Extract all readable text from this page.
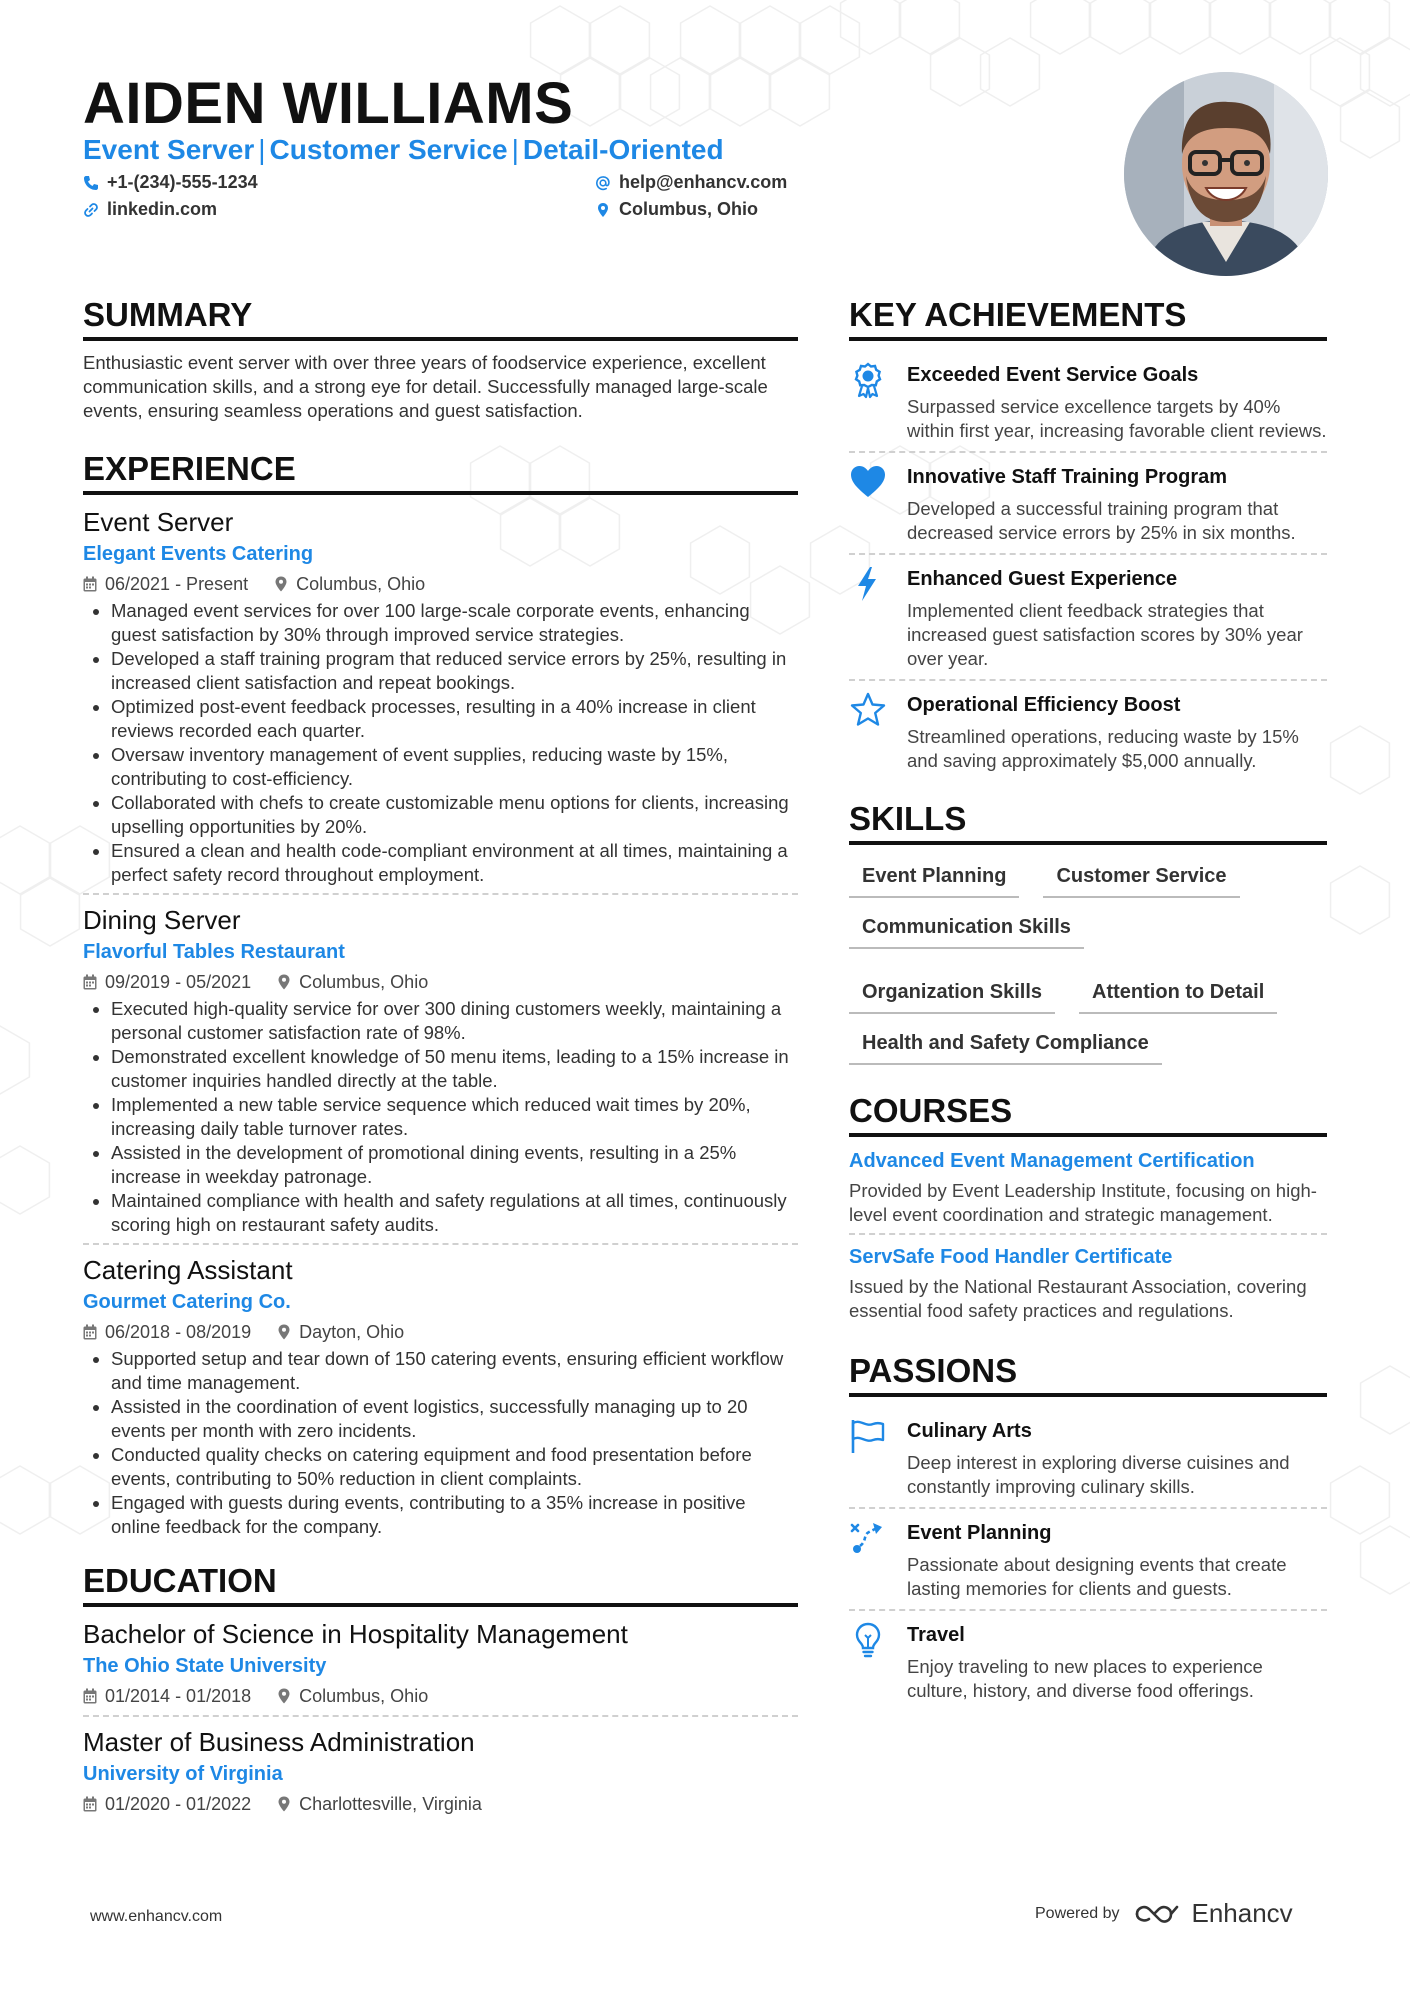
AIDEN WILLIAMS
Event Server | Customer Service | Detail-Oriented
+1-(234)-555-1234
linkedin.com
help@enhancv.com
Columbus, Ohio
SUMMARY

Enthusiastic event server with over three years of foodservice experience, excellent communication skills, and a strong eye for detail. Successfully managed large-scale events, ensuring seamless operations and guest satisfaction.

EXPERIENCE
Event Server
Elegant Events Catering
06/2021 - Present	Columbus, Ohio
• Managed event services for over 100 large-scale corporate events, enhancing guest satisfaction by 30% through improved service strategies.
• Developed a staff training program that reduced service errors by 25%, resulting in increased client satisfaction and repeat bookings.
• Optimized post-event feedback processes, resulting in a 40% increase in client reviews recorded each quarter.
• Oversaw inventory management of event supplies, reducing waste by 15%, contributing to cost-efficiency.
• Collaborated with chefs to create customizable menu options for clients, increasing upselling opportunities by 20%.
• Ensured a clean and health code-compliant environment at all times, maintaining a perfect safety record throughout employment.
Dining Server
Flavorful Tables Restaurant
09/2019 - 05/2021	Columbus, Ohio
• Executed high-quality service for over 300 dining customers weekly, maintaining a personal customer satisfaction rate of 98%.
• Demonstrated excellent knowledge of 50 menu items, leading to a 15% increase in customer inquiries handled directly at the table.
• Implemented a new table service sequence which reduced wait times by 20%, increasing daily table turnover rates.
• Assisted in the development of promotional dining events, resulting in a 25% increase in weekday patronage.
• Maintained compliance with health and safety regulations at all times, continuously scoring high on restaurant safety audits.
Catering Assistant
Gourmet Catering Co.
06/2018 - 08/2019	Dayton, Ohio
• Supported setup and tear down of 150 catering events, ensuring efficient workflow and time management.
• Assisted in the coordination of event logistics, successfully managing up to 20 events per month with zero incidents.
• Conducted quality checks on catering equipment and food presentation before events, contributing to 50% reduction in client complaints.
• Engaged with guests during events, contributing to a 35% increase in positive online feedback for the company.
EDUCATION
Bachelor of Science in Hospitality Management
The Ohio State University
01/2014 - 01/2018	Columbus, Ohio
Master of Business Administration
University of Virginia
01/2020 - 01/2022	Charlottesville, Virginia
KEY ACHIEVEMENTS
Exceeded Event Service Goals
Surpassed service excellence targets by 40% within first year, increasing favorable client reviews.
Innovative Staff Training Program
Developed a successful training program that decreased service errors by 25% in six months.
Enhanced Guest Experience
Implemented client feedback strategies that increased guest satisfaction scores by 30% year over year.
Operational Efficiency Boost
Streamlined operations, reducing waste by 15% and saving approximately $5,000 annually.
SKILLS
Event Planning	Customer Service
Communication Skills
Organization Skills	Attention to Detail
Health and Safety Compliance
COURSES
Advanced Event Management Certification
Provided by Event Leadership Institute, focusing on high-level event coordination and strategic management.
ServSafe Food Handler Certificate
Issued by the National Restaurant Association, covering essential food safety practices and regulations.
PASSIONS
Culinary Arts
Deep interest in exploring diverse cuisines and constantly improving culinary skills.
Event Planning
Passionate about designing events that create lasting memories for clients and guests.
Travel
Enjoy traveling to new places to experience culture, history, and diverse food offerings.
www.enhancv.com	Powered by	Enhancv
